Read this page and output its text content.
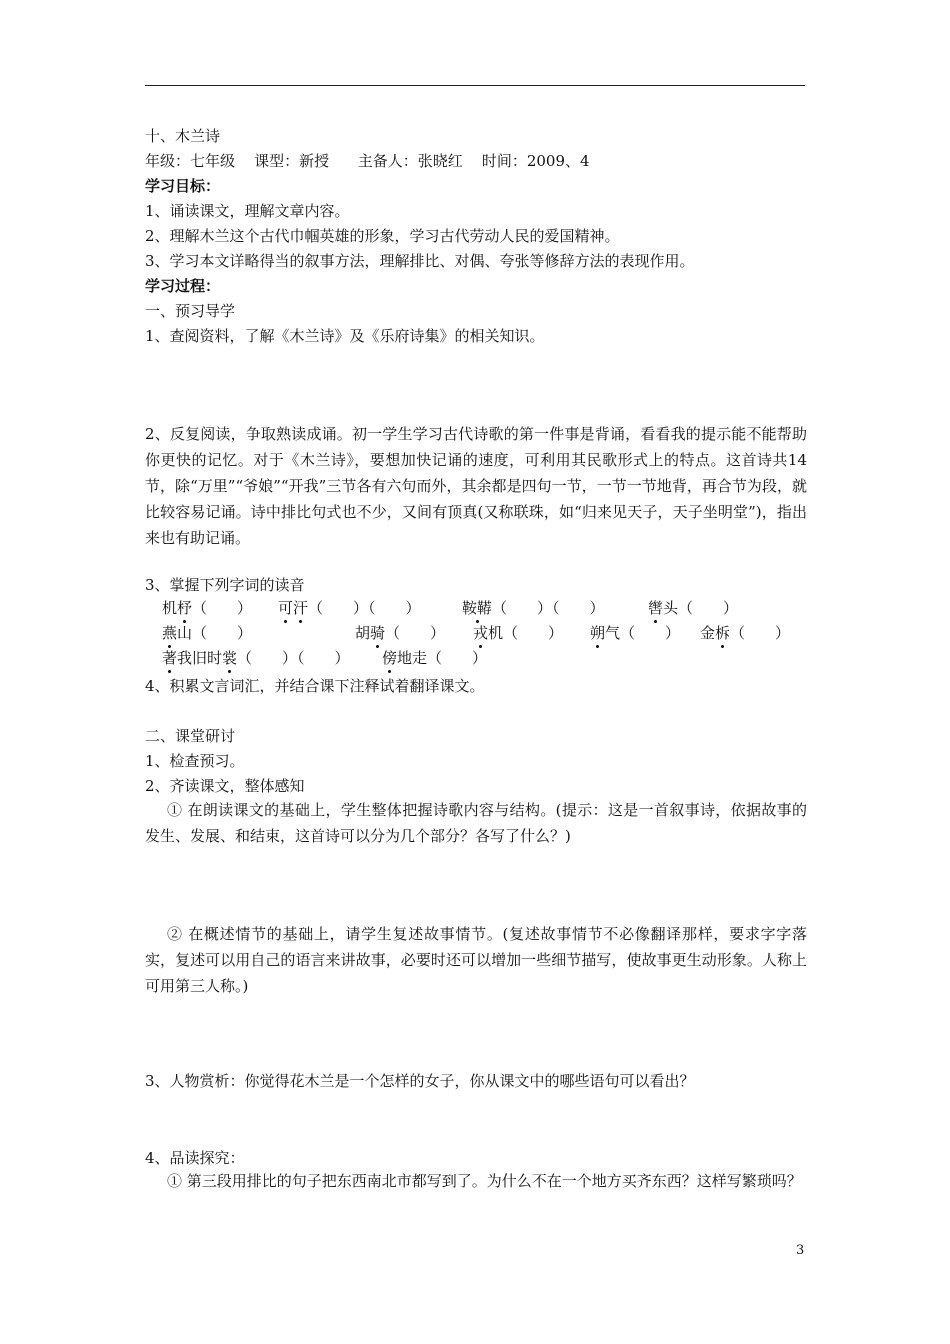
十、木兰诗
年级：七年级 课型：新授 主备人：张晓红 时间：2009、4
学习目标：
1、诵读课文，理解文章内容。
2、理解木兰这个古代巾帼英雄的形象，学习古代劳动人民的爱国精神。
3、学习本文详略得当的叙事方法，理解排比、对偶、夸张等修辞方法的表现作用。
学习过程：
一、预习导学
1、查阅资料，了解《木兰诗》及《乐府诗集》的相关知识。
2、反复阅读，争取熟读成诵。初一学生学习古代诗歌的第一件事是背诵，看看我的提示能不能帮助你更快的记忆。对于《木兰诗》，要想加快记诵的速度，可利用其民歌形式上的特点。这首诗共14节，除“万里”“爷娘”“开我”三节各有六句而外，其余都是四句一节，一节一节地背，再合节为段，就比较容易记诵。诗中排比句式也不少，又间有顶真(又称联珠，如“归来见天子，天子坐明堂”)，指出来也有助记诵。
3、掌握下列字词的读音
机杼（　　） 可汗（　　）（　　）	鞍鞯（　　）（　　）	辔头（　　）
燕山（　　）	胡骑（　　） 戎机（　　） 朔气（　　） 金柝（　　）
著我旧时裳（　　）（　　） 傍地走（　　）
4、积累文言词汇，并结合课下注释试着翻译课文。
二、课堂研讨
1、检查预习。
2、齐读课文，整体感知
① 在朗读课文的基础上，学生整体把握诗歌内容与结构。(提示：这是一首叙事诗，依据故事的发生、发展、和结束，这首诗可以分为几个部分？各写了什么？)
② 在概述情节的基础上，请学生复述故事情节。(复述故事情节不必像翻译那样，要求字字落实，复述可以用自己的语言来讲故事，必要时还可以增加一些细节描写，使故事更生动形象。人称上可用第三人称。)
3、人物赏析：你觉得花木兰是一个怎样的女子，你从课文中的哪些语句可以看出？
4、品读探究：
① 第三段用排比的句子把东西南北市都写到了。为什么不在一个地方买齐东西？这样写繁琐吗？
3
